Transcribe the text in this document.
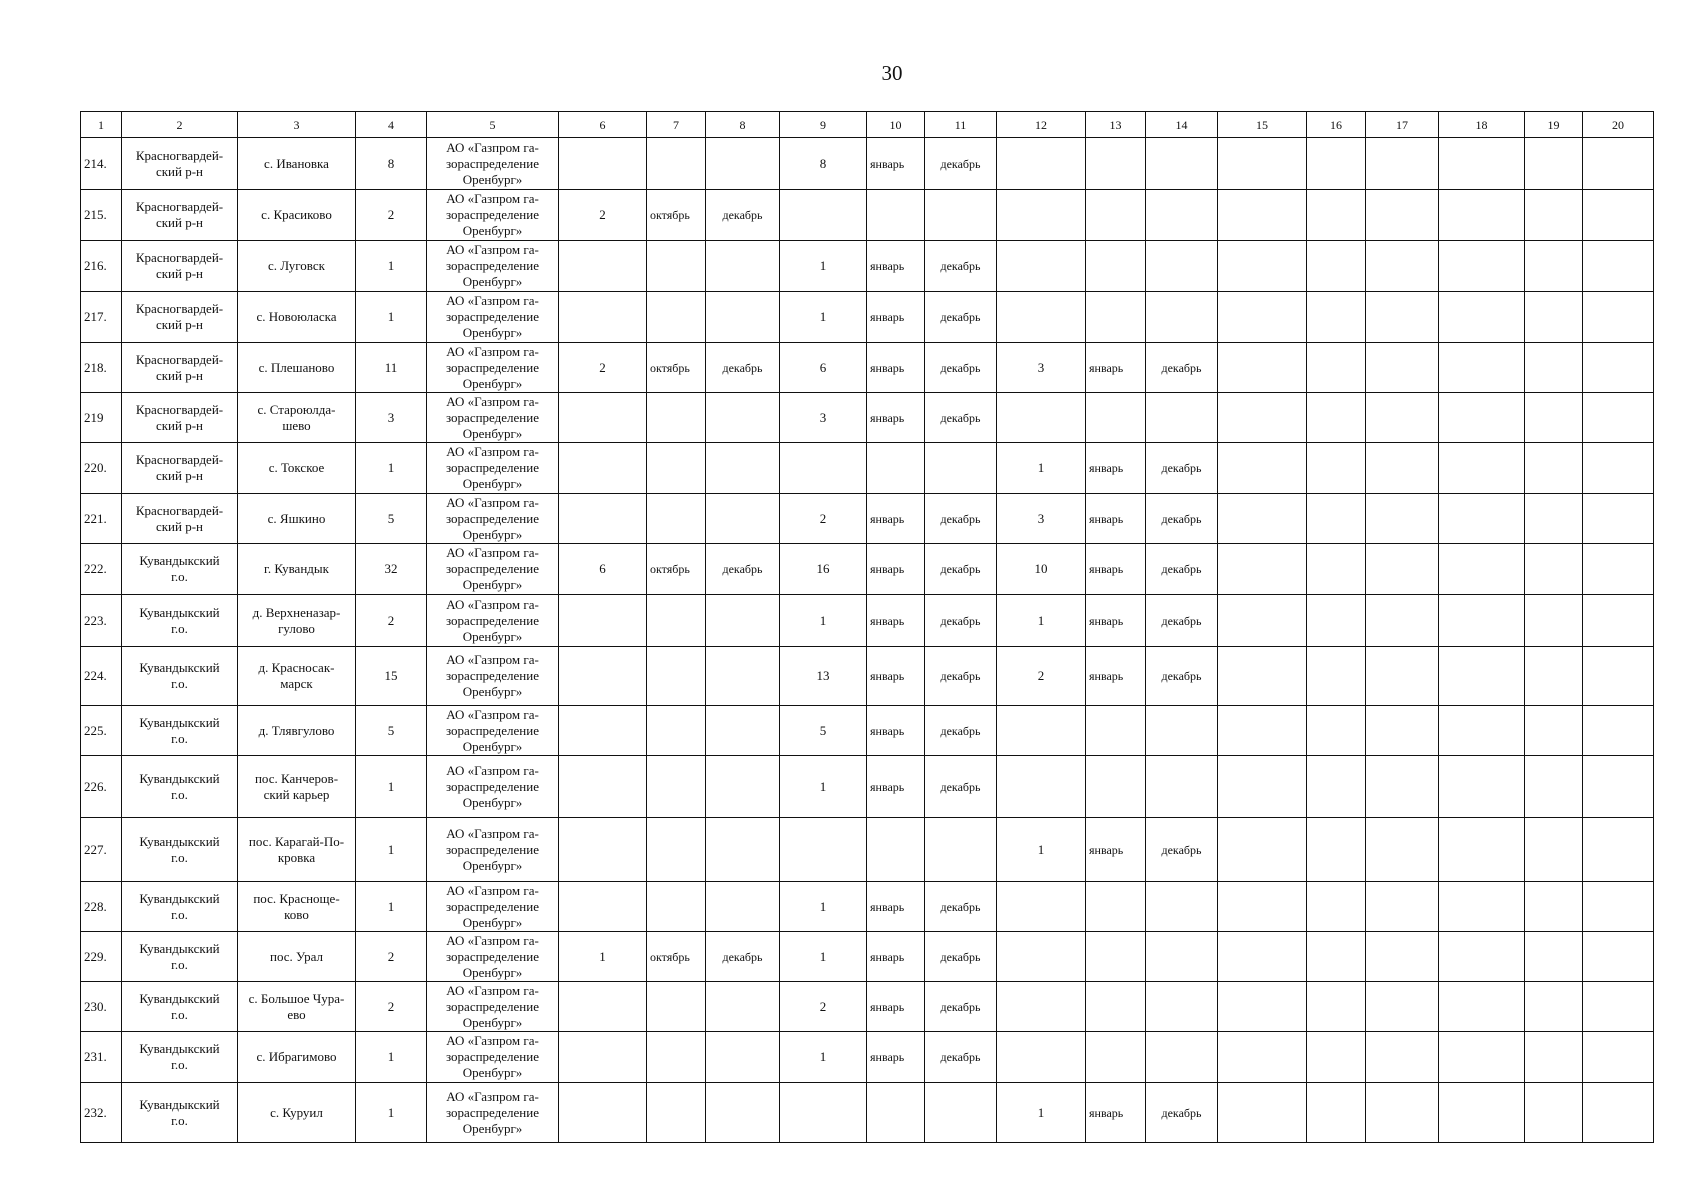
30
1	2	3	4	5	6	7	8	9	10	11	12	13	14	15	16	17	18	19	20
214.	Красногвардей-
ский р-н	с. Ивановка	8	АО «Газпром га-
зораспределение
Оренбург»				8	январь	декабрь									
215.	Красногвардей-
ский р-н	с. Красиково	2	АО «Газпром га-
зораспределение
Оренбург»	2	октябрь	декабрь												
216.	Красногвардей-
ский р-н	с. Луговск	1	АО «Газпром га-
зораспределение
Оренбург»				1	январь	декабрь									
217.	Красногвардей-
ский р-н	с. Новоюласка	1	АО «Газпром га-
зораспределение
Оренбург»				1	январь	декабрь									
218.	Красногвардей-
ский р-н	с. Плешаново	11	АО «Газпром га-
зораспределение
Оренбург»	2	октябрь	декабрь	6	январь	декабрь	3	январь	декабрь						
219	Красногвардей-
ский р-н	с. Староюлда-
шево	3	АО «Газпром га-
зораспределение
Оренбург»				3	январь	декабрь									
220.	Красногвардей-
ский р-н	с. Токское	1	АО «Газпром га-
зораспределение
Оренбург»							1	январь	декабрь						
221.	Красногвардей-
ский р-н	с. Яшкино	5	АО «Газпром га-
зораспределение
Оренбург»				2	январь	декабрь	3	январь	декабрь						
222.	Кувандыкский
г.о.	г. Кувандык	32	АО «Газпром га-
зораспределение
Оренбург»	6	октябрь	декабрь	16	январь	декабрь	10	январь	декабрь						
223.	Кувандыкский
г.о.	д. Верхненазар-
гулово	2	АО «Газпром га-
зораспределение
Оренбург»				1	январь	декабрь	1	январь	декабрь						
224.	Кувандыкский
г.о.	д. Красносак-
марск	15	АО «Газпром га-
зораспределение
Оренбург»				13	январь	декабрь	2	январь	декабрь						
225.	Кувандыкский
г.о.	д. Тлявгулово	5	АО «Газпром га-
зораспределение
Оренбург»				5	январь	декабрь									
226.	Кувандыкский
г.о.	пос. Канчеров-
ский карьер	1	АО «Газпром га-
зораспределение
Оренбург»				1	январь	декабрь									
227.	Кувандыкский
г.о.	пос. Карагай-По-
кровка	1	АО «Газпром га-
зораспределение
Оренбург»							1	январь	декабрь						
228.	Кувандыкский
г.о.	пос. Красноще-
ково	1	АО «Газпром га-
зораспределение
Оренбург»				1	январь	декабрь									
229.	Кувандыкский
г.о.	пос. Урал	2	АО «Газпром га-
зораспределение
Оренбург»	1	октябрь	декабрь	1	январь	декабрь									
230.	Кувандыкский
г.о.	с. Большое Чура-
ево	2	АО «Газпром га-
зораспределение
Оренбург»				2	январь	декабрь									
231.	Кувандыкский
г.о.	с. Ибрагимово	1	АО «Газпром га-
зораспределение
Оренбург»				1	январь	декабрь									
232.	Кувандыкский
г.о.	с. Куруил	1	АО «Газпром га-
зораспределение
Оренбург»							1	январь	декабрь						
